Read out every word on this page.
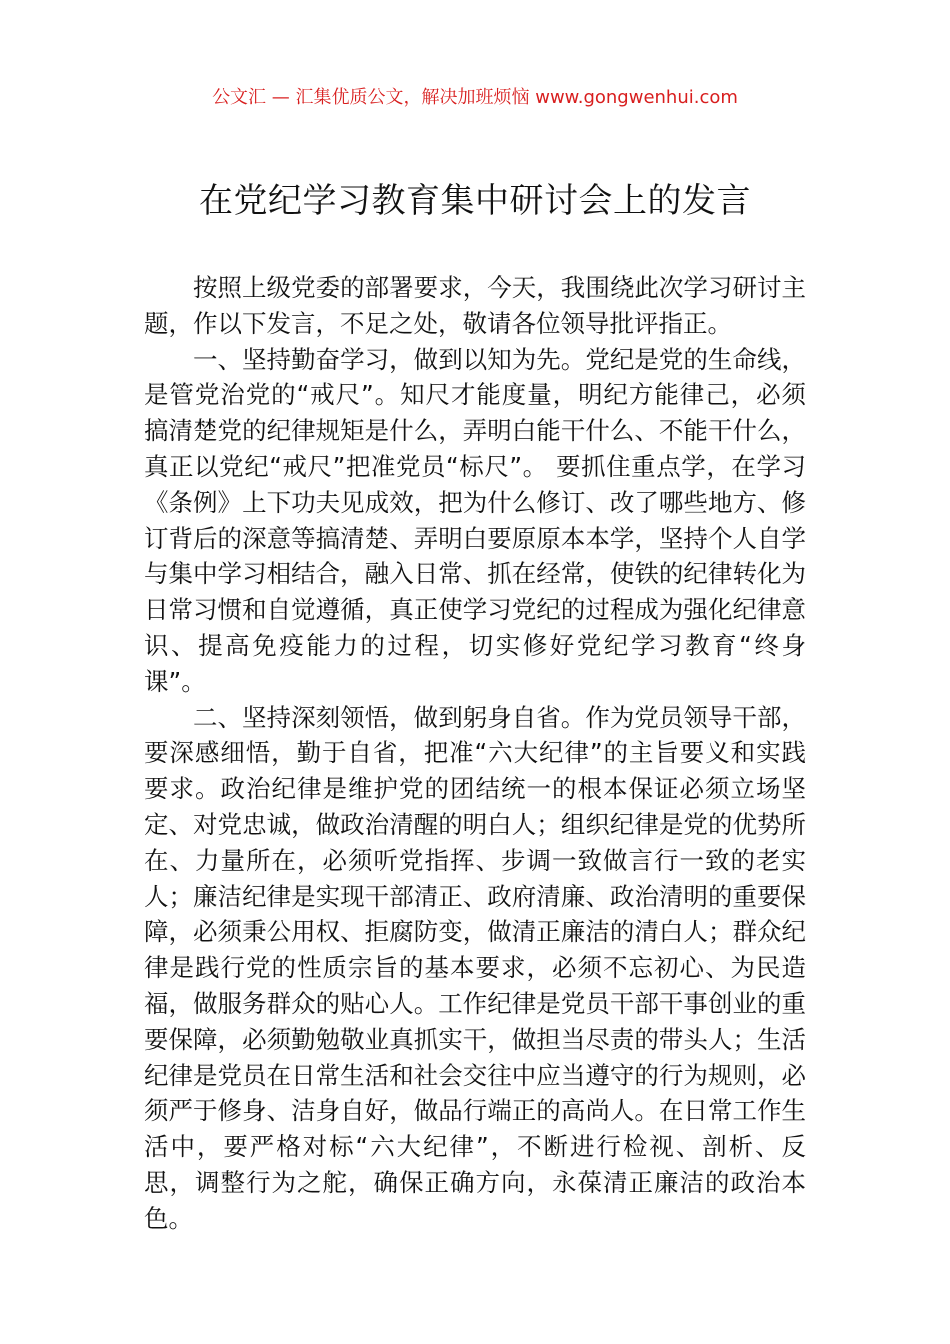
公文汇 — 汇集优质公文，解决加班烦恼 www.gongwenhui.com
在党纪学习教育集中研讨会上的发言

按照上级党委的部署要求，今天，我围绕此次学习研讨主题，作以下发言，不足之处，敬请各位领导批评指正。

一、坚持勤奋学习，做到以知为先。党纪是党的生命线，是管党治党的“戒尺”。知尺才能度量，明纪方能律己，必须搞清楚党的纪律规矩是什么，弄明白能干什么、不能干什么，真正以党纪“戒尺”把准党员“标尺”。 要抓住重点学，在学习《条例》上下功夫见成效，把为什么修订、改了哪些地方、修订背后的深意等搞清楚、弄明白要原原本本学，坚持个人自学与集中学习相结合，融入日常、抓在经常，使铁的纪律转化为日常习惯和自觉遵循，真正使学习党纪的过程成为强化纪律意识、提高免疫能力的过程，切实修好党纪学习教育“终身课”。

二、坚持深刻领悟，做到躬身自省。作为党员领导干部，要深感细悟，勤于自省，把准“六大纪律”的主旨要义和实践要求。政治纪律是维护党的团结统一的根本保证必须立场坚定、对党忠诚，做政治清醒的明白人；组织纪律是党的优势所在、力量所在，必须听党指挥、步调一致做言行一致的老实人；廉洁纪律是实现干部清正、政府清廉、政治清明的重要保障，必须秉公用权、拒腐防变，做清正廉洁的清白人；群众纪律是践行党的性质宗旨的基本要求，必须不忘初心、为民造福，做服务群众的贴心人。工作纪律是党员干部干事创业的重要保障，必须勤勉敬业真抓实干，做担当尽责的带头人；生活纪律是党员在日常生活和社会交往中应当遵守的行为规则，必须严于修身、洁身自好，做品行端正的高尚人。在日常工作生活中，要严格对标“六大纪律”，不断进行检视、剖析、反思，调整行为之舵，确保正确方向，永葆清正廉洁的政治本色。
